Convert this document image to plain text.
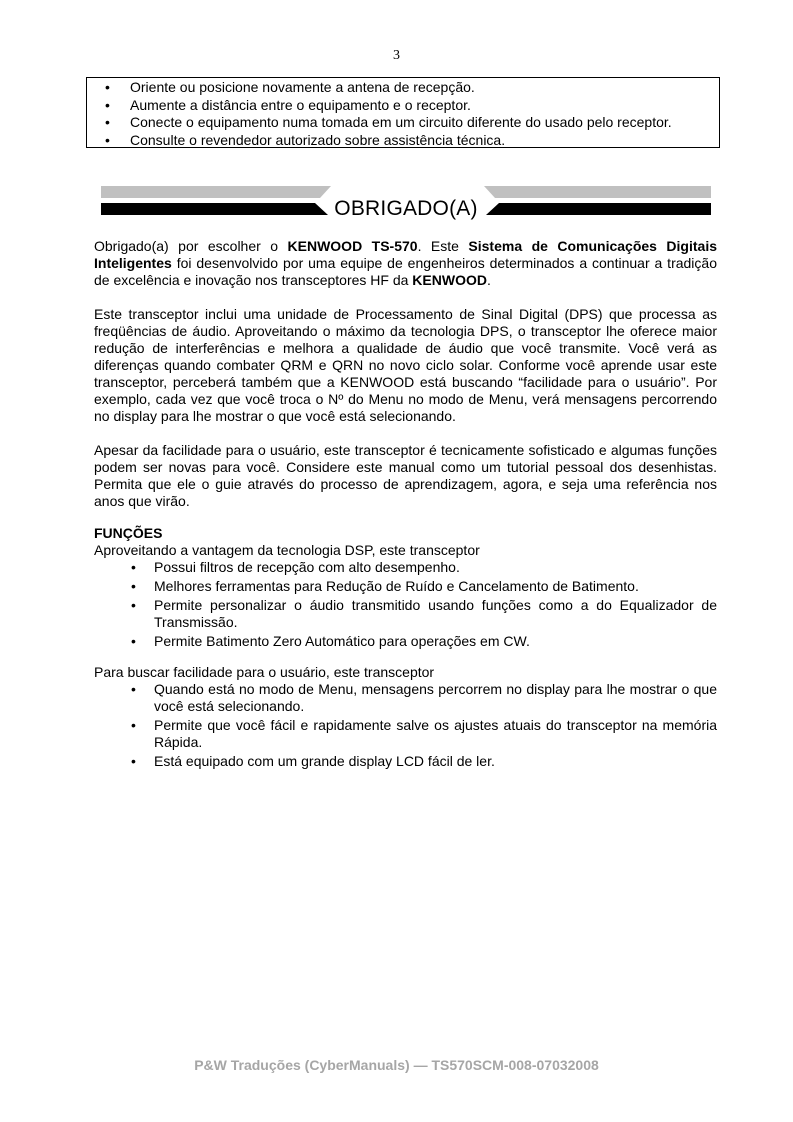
3
• Oriente ou posicione novamente a antena de recepção.
• Aumente a distância entre o equipamento e o receptor.
• Conecte o equipamento numa tomada em um circuito diferente do usado pelo receptor.
• Consulte o revendedor autorizado sobre assistência técnica.
OBRIGADO(A)
Obrigado(a) por escolher o KENWOOD TS-570. Este Sistema de Comunicações Digitais Inteligentes foi desenvolvido por uma equipe de engenheiros determinados a continuar a tradição de excelência e inovação nos transceptores HF da KENWOOD.
Este transceptor inclui uma unidade de Processamento de Sinal Digital (DPS) que processa as freqüências de áudio. Aproveitando o máximo da tecnologia DPS, o transceptor lhe oferece maior redução de interferências e melhora a qualidade de áudio que você transmite. Você verá as diferenças quando combater QRM e QRN no novo ciclo solar. Conforme você aprende usar este transceptor, perceberá também que a KENWOOD está buscando “facilidade para o usuário”. Por exemplo, cada vez que você troca o Nº do Menu no modo de Menu, verá mensagens percorrendo no display para lhe mostrar o que você está selecionando.
Apesar da facilidade para o usuário, este transceptor é tecnicamente sofisticado e algumas funções podem ser novas para você. Considere este manual como um tutorial pessoal dos desenhistas. Permita que ele o guie através do processo de aprendizagem, agora, e seja uma referência nos anos que virão.
FUNÇÕES
Aproveitando a vantagem da tecnologia DSP, este transceptor
• Possui filtros de recepção com alto desempenho.
• Melhores ferramentas para Redução de Ruído e Cancelamento de Batimento.
• Permite personalizar o áudio transmitido usando funções como a do Equalizador de Transmissão.
• Permite Batimento Zero Automático para operações em CW.
Para buscar facilidade para o usuário, este transceptor
• Quando está no modo de Menu, mensagens percorrem no display para lhe mostrar o que você está selecionando.
• Permite que você fácil e rapidamente salve os ajustes atuais do transceptor na memória Rápida.
• Está equipado com um grande display LCD fácil de ler.
P&W Traduções (CyberManuals) — TS570SCM-008-07032008
